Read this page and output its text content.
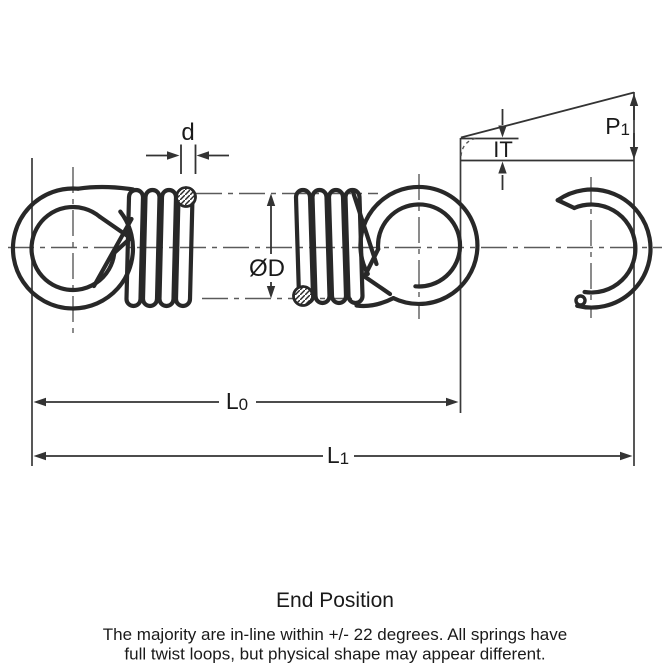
d
ØD
P1
IT
L0
L1
End Position
The majority are in-line within +/- 22 degrees. All springs have
full twist loops, but physical shape may appear different.
